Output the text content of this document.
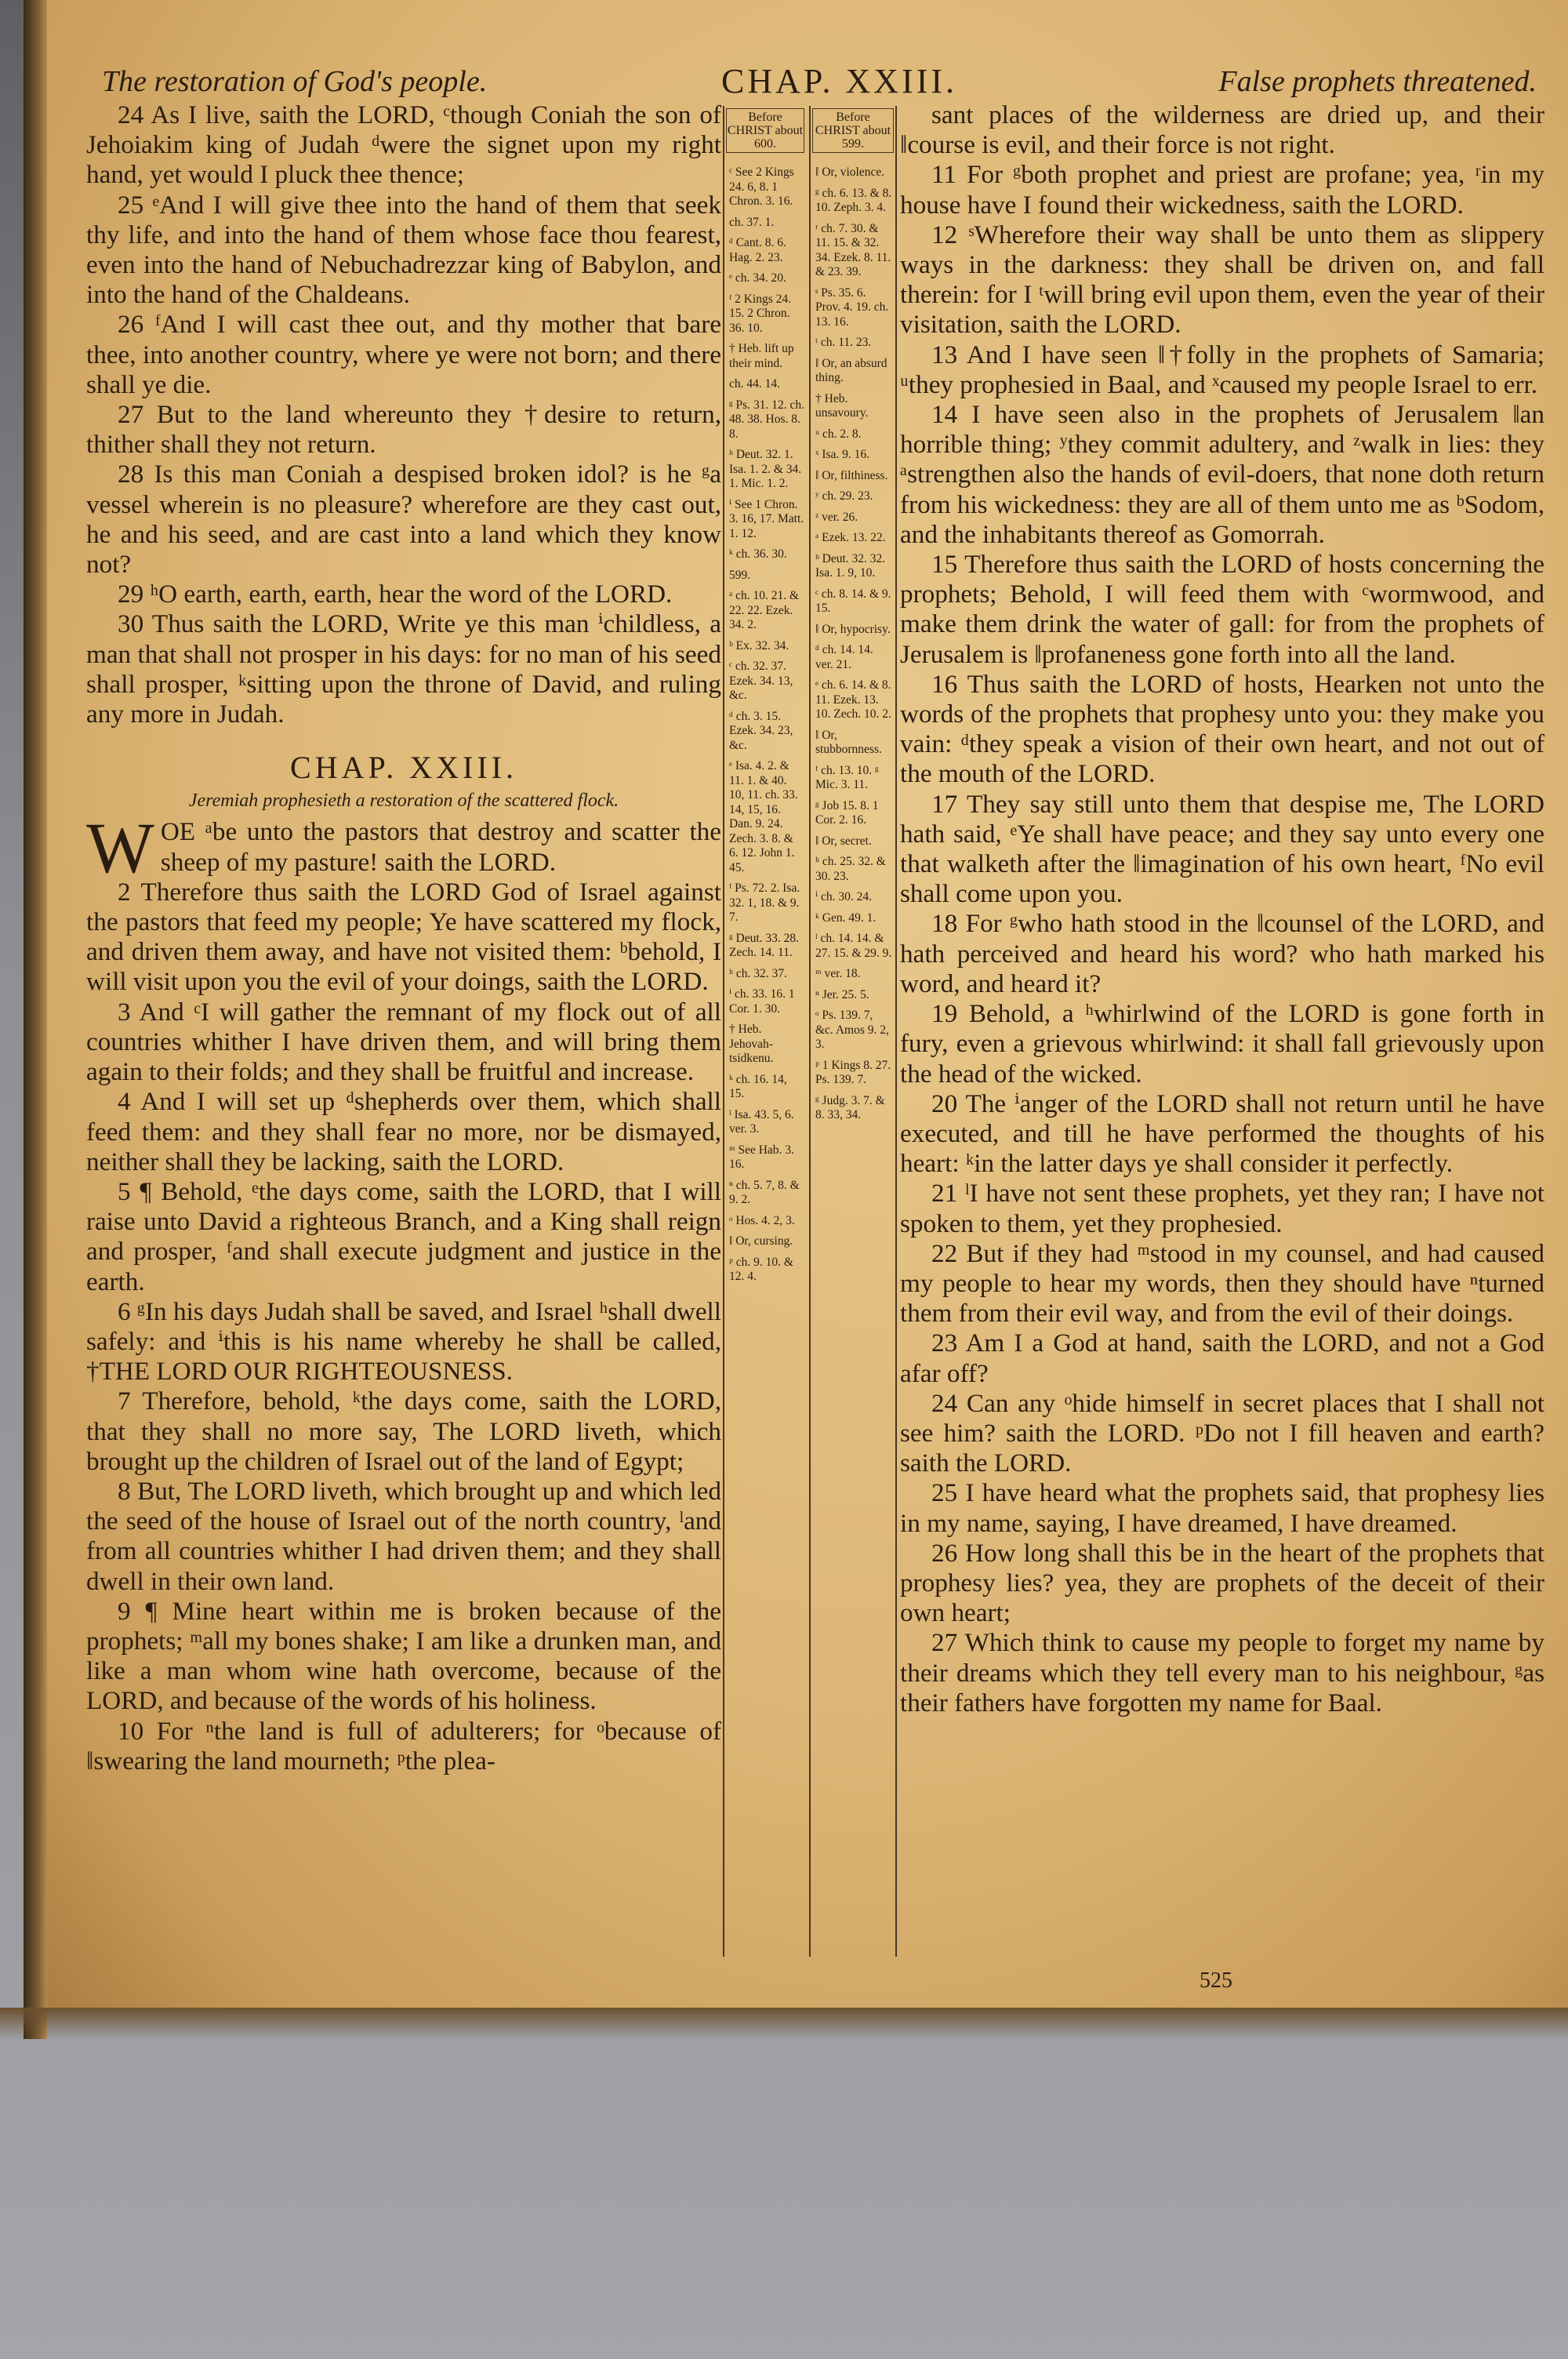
The restoration of God's people.	CHAP. XXIII.	False prophets threatened.

24 As I live, saith the LORD, ᶜthough Coniah the son of Jehoiakim king of Judah ᵈwere the signet upon my right hand, yet would I pluck thee thence;

25 ᵉAnd I will give thee into the hand of them that seek thy life, and into the hand of them whose face thou fearest, even into the hand of Nebuchadrezzar king of Babylon, and into the hand of the Chaldeans.

26 ᶠAnd I will cast thee out, and thy mother that bare thee, into another country, where ye were not born; and there shall ye die.

27 But to the land whereunto they †desire to return, thither shall they not return.

28 Is this man Coniah a despised broken idol? is he ᵍa vessel wherein is no pleasure? wherefore are they cast out, he and his seed, and are cast into a land which they know not?

29 ʰO earth, earth, earth, hear the word of the LORD.

30 Thus saith the LORD, Write ye this man ⁱchildless, a man that shall not prosper in his days: for no man of his seed shall prosper, ᵏsitting upon the throne of David, and ruling any more in Judah.

CHAP. XXIII.
Jeremiah prophesieth a restoration of the scattered flock.

WOE ᵃbe unto the pastors that destroy and scatter the sheep of my pasture! saith the LORD.

2 Therefore thus saith the LORD God of Israel against the pastors that feed my people; Ye have scattered my flock, and driven them away, and have not visited them: ᵇbehold, I will visit upon you the evil of your doings, saith the LORD.

3 And ᶜI will gather the remnant of my flock out of all countries whither I have driven them, and will bring them again to their folds; and they shall be fruitful and increase.

4 And I will set up ᵈshepherds over them, which shall feed them: and they shall fear no more, nor be dismayed, neither shall they be lacking, saith the LORD.

5 ¶ Behold, ᵉthe days come, saith the LORD, that I will raise unto David a righteous Branch, and a King shall reign and prosper, ᶠand shall execute judgment and justice in the earth.

6 ᵍIn his days Judah shall be saved, and Israel ʰshall dwell safely: and ⁱthis is his name whereby he shall be called, †THE LORD OUR RIGHTEOUSNESS.

7 Therefore, behold, ᵏthe days come, saith the LORD, that they shall no more say, The LORD liveth, which brought up the children of Israel out of the land of Egypt;

8 But, The LORD liveth, which brought up and which led the seed of the house of Israel out of the north country, ˡand from all countries whither I had driven them; and they shall dwell in their own land.

9 ¶ Mine heart within me is broken because of the prophets; ᵐall my bones shake; I am like a drunken man, and like a man whom wine hath overcome, because of the LORD, and because of the words of his holiness.

10 For ⁿthe land is full of adulterers; for ᵒbecause of ‖swearing the land mourneth; ᵖthe plea-

Before CHRIST about 600.
ᶜ See 2 Kings 24. 6, 8. 1 Chron. 3. 16.
ch. 37. 1.
ᵈ Cant. 8. 6. Hag. 2. 23.
ᵉ ch. 34. 20.
ᶠ 2 Kings 24. 15. 2 Chron. 36. 10.
† Heb. lift up their mind.
ch. 44. 14.
ᵍ Ps. 31. 12. ch. 48. 38. Hos. 8. 8.
ʰ Deut. 32. 1. Isa. 1. 2. & 34. 1. Mic. 1. 2.
ⁱ See 1 Chron. 3. 16, 17. Matt. 1. 12.
ᵏ ch. 36. 30.
599.
ᵃ ch. 10. 21. & 22. 22. Ezek. 34. 2.
ᵇ Ex. 32. 34.
ᶜ ch. 32. 37. Ezek. 34. 13, &c.
ᵈ ch. 3. 15. Ezek. 34. 23, &c.
ᵉ Isa. 4. 2. & 11. 1. & 40. 10, 11. ch. 33. 14, 15, 16. Dan. 9. 24. Zech. 3. 8. & 6. 12. John 1. 45.
ᶠ Ps. 72. 2. Isa. 32. 1, 18. & 9. 7.
ᵍ Deut. 33. 28. Zech. 14. 11.
ʰ ch. 32. 37.
ⁱ ch. 33. 16. 1 Cor. 1. 30.
† Heb. Jehovah-tsidkenu.
ᵏ ch. 16. 14, 15.
ˡ Isa. 43. 5, 6. ver. 3.
ᵐ See Hab. 3. 16.
ⁿ ch. 5. 7, 8. & 9. 2.
ᵒ Hos. 4. 2, 3.
‖ Or, cursing.
ᵖ ch. 9. 10. & 12. 4.
Before CHRIST about 599.
‖ Or, violence.
ᵍ ch. 6. 13. & 8. 10. Zeph. 3. 4.
ʳ ch. 7. 30. & 11. 15. & 32. 34. Ezek. 8. 11. & 23. 39.
ˢ Ps. 35. 6. Prov. 4. 19. ch. 13. 16.
ᵗ ch. 11. 23.
‖ Or, an absurd thing.
† Heb. unsavoury.
ᵘ ch. 2. 8.
ˣ Isa. 9. 16.
‖ Or, filthiness.
ʸ ch. 29. 23.
ᶻ ver. 26.
ᵃ Ezek. 13. 22.
ᵇ Deut. 32. 32. Isa. 1. 9, 10.
ᶜ ch. 8. 14. & 9. 15.
‖ Or, hypocrisy.
ᵈ ch. 14. 14. ver. 21.
ᵉ ch. 6. 14. & 8. 11. Ezek. 13. 10. Zech. 10. 2.
‖ Or, stubbornness.
ᶠ ch. 13. 10. ᵍ Mic. 3. 11.
ᵍ Job 15. 8. 1 Cor. 2. 16.
‖ Or, secret.
ʰ ch. 25. 32. & 30. 23.
ⁱ ch. 30. 24.
ᵏ Gen. 49. 1.
ˡ ch. 14. 14. & 27. 15. & 29. 9.
ᵐ ver. 18.
ⁿ Jer. 25. 5.
ᵒ Ps. 139. 7, &c. Amos 9. 2, 3.
ᵖ 1 Kings 8. 27. Ps. 139. 7.
ᵍ Judg. 3. 7. & 8. 33, 34.

sant places of the wilderness are dried up, and their ‖course is evil, and their force is not right.

11 For ᵍboth prophet and priest are profane; yea, ʳin my house have I found their wickedness, saith the LORD.

12 ˢWherefore their way shall be unto them as slippery ways in the darkness: they shall be driven on, and fall therein: for I ᵗwill bring evil upon them, even the year of their visitation, saith the LORD.

13 And I have seen ‖†folly in the prophets of Samaria; ᵘthey prophesied in Baal, and ˣcaused my people Israel to err.

14 I have seen also in the prophets of Jerusalem ‖an horrible thing; ʸthey commit adultery, and ᶻwalk in lies: they ᵃstrengthen also the hands of evil-doers, that none doth return from his wickedness: they are all of them unto me as ᵇSodom, and the inhabitants thereof as Gomorrah.

15 Therefore thus saith the LORD of hosts concerning the prophets; Behold, I will feed them with ᶜwormwood, and make them drink the water of gall: for from the prophets of Jerusalem is ‖profaneness gone forth into all the land.

16 Thus saith the LORD of hosts, Hearken not unto the words of the prophets that prophesy unto you: they make you vain: ᵈthey speak a vision of their own heart, and not out of the mouth of the LORD.

17 They say still unto them that despise me, The LORD hath said, ᵉYe shall have peace; and they say unto every one that walketh after the ‖imagination of his own heart, ᶠNo evil shall come upon you.

18 For ᵍwho hath stood in the ‖counsel of the LORD, and hath perceived and heard his word? who hath marked his word, and heard it?

19 Behold, a ʰwhirlwind of the LORD is gone forth in fury, even a grievous whirlwind: it shall fall grievously upon the head of the wicked.

20 The ⁱanger of the LORD shall not return until he have executed, and till he have performed the thoughts of his heart: ᵏin the latter days ye shall consider it perfectly.

21 ˡI have not sent these prophets, yet they ran; I have not spoken to them, yet they prophesied.

22 But if they had ᵐstood in my counsel, and had caused my people to hear my words, then they should have ⁿturned them from their evil way, and from the evil of their doings.

23 Am I a God at hand, saith the LORD, and not a God afar off?

24 Can any ᵒhide himself in secret places that I shall not see him? saith the LORD. ᵖDo not I fill heaven and earth? saith the LORD.

25 I have heard what the prophets said, that prophesy lies in my name, saying, I have dreamed, I have dreamed.

26 How long shall this be in the heart of the prophets that prophesy lies? yea, they are prophets of the deceit of their own heart;

27 Which think to cause my people to forget my name by their dreams which they tell every man to his neighbour, ᵍas their fathers have forgotten my name for Baal.

525
